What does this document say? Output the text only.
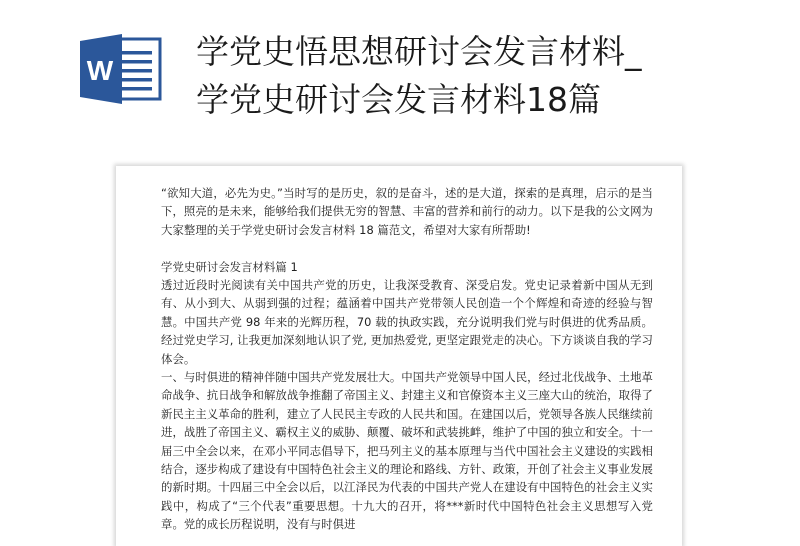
W	学党史悟思想研讨会发言材料_
学党史研讨会发言材料18篇

“欲知大道，必先为史。”当时写的是历史，叙的是奋斗，述的是大道，探索的是真理，启示的是当下，照亮的是未来，能够给我们提供无穷的智慧、丰富的营养和前行的动力。以下是我的公文网为大家整理的关于学党史研讨会发言材料 18 篇范文，希望对大家有所帮助!

学党史研讨会发言材料篇 1

透过近段时光阅读有关中国共产党的历史，让我深受教育、深受启发。党史记录着新中国从无到有、从小到大、从弱到强的过程；蕴涵着中国共产党带领人民创造一个个辉煌和奇迹的经验与智慧。中国共产党 98 年来的光辉历程，70 载的执政实践，充分说明我们党与时俱进的优秀品质。经过党史学习, 让我更加深刻地认识了党, 更加热爱党, 更坚定跟党走的决心。下方谈谈自我的学习体会。

一、与时俱进的精神伴随中国共产党发展壮大。中国共产党领导中国人民，经过北伐战争、土地革命战争、抗日战争和解放战争推翻了帝国主义、封建主义和官僚资本主义三座大山的统治，取得了新民主主义革命的胜利，建立了人民民主专政的人民共和国。在建国以后，党领导各族人民继续前进，战胜了帝国主义、霸权主义的威胁、颠覆、破坏和武装挑衅，维护了中国的独立和安全。十一届三中全会以来，在邓小平同志倡导下，把马列主义的基本原理与当代中国社会主义建设的实践相结合，逐步构成了建设有中国特色社会主义的理论和路线、方针、政策，开创了社会主义事业发展的新时期。十四届三中全会以后，以江泽民为代表的中国共产党人在建设有中国特色的社会主义实践中，构成了“三个代表”重要思想。十九大的召开，将***新时代中国特色社会主义思想写入党章。党的成长历程说明，没有与时俱进
